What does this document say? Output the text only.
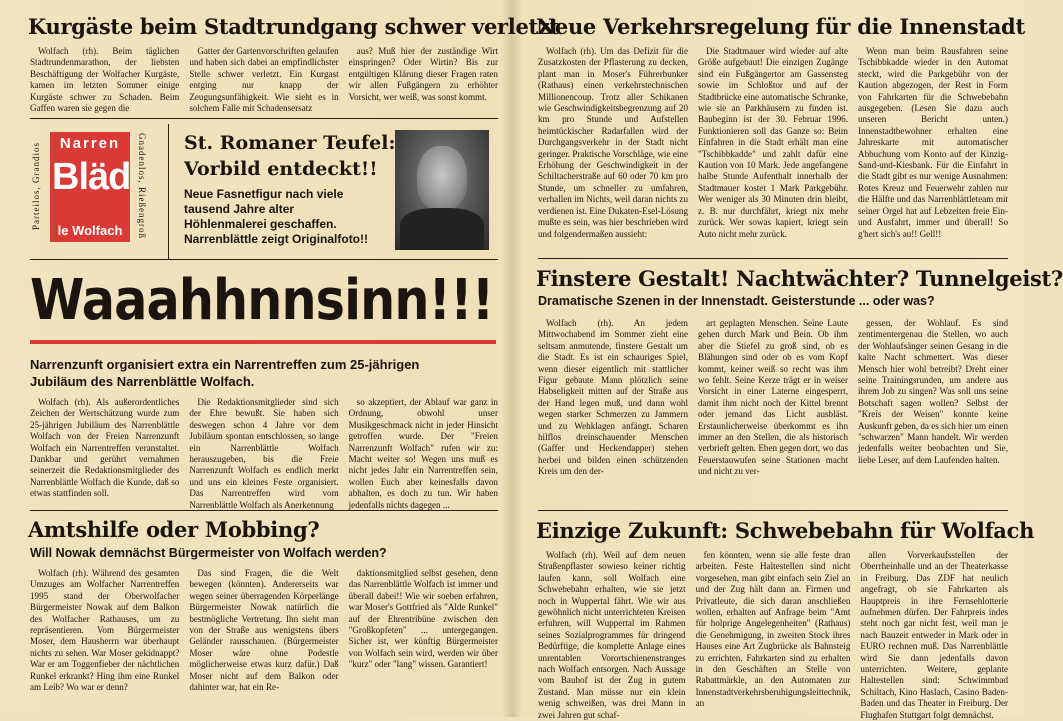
Kurgäste beim Stadtrundgang schwer verletzt

Wolfach (rh). Beim täglichen Stadtrundenmarathon, der liebsten Beschäftigung der Wolfacher Kurgäste, kamen im letzten Sommer einige Kurgäste schwer zu Schaden. Beim Gaffen waren sie gegen die

Gatter der Gartenvorschriften gelaufen und haben sich dabei an empfindlichster Stelle schwer verletzt. Ein Kurgast entging nur knapp der Zeugungsunfähigkeit. Wie sieht es in solchem Falle mit Schadensersatz

aus? Muß hier der zuständige Wirt einspringen? Oder Wirtin? Bis zur entgültigen Klärung dieser Fragen raten wir allen Fußgängern zu erhöhter Vorsicht, wer weiß, was sonst kommt.

Parteilos, Grandios	Narren
Bläd
le Wolfach	Gnadenlos, Rießengroß St. Romaner Teufel:
Vorbild entdeckt!!
Neue Fasnetfigur nach viele
tausend Jahre alter
Höhlenmalerei geschaffen.
Narrenblättle zeigt Originalfoto!!
Waaahhnnsinn!!!
Narrenzunft organisiert extra ein Narrentreffen zum 25-jährigen
Jubiläum des Narrenblättle Wolfach.

Wolfach (rh). Als außerordentliches Zeichen der Wertschätzung wurde zum 25-jährigen Jubiläum des Narrenblättle Wolfach von der Freien Narrenzunft Wolfach ein Narrentreffen veranstaltet. Dankbar und gerührt vernahmen seinerzeit die Redaktionsmitglieder des Narrenblättle Wolfach die Kunde, daß so etwas stattfinden soll.

Die Redaktionsmitglieder sind sich der Ehre bewußt. Sie haben sich deswegen schon 4 Jahre vor dem Jubiläum spontan entschlossen, so lange ein Narrenblättle Wolfach herauszugeben, bis die Freie Narrenzunft Wolfach es endlich merkt und uns ein kleines Feste organisiert. Das Narrentreffen wird vom Narrenblättle Wolfach als Anerkennung

so akzeptiert, der Ablauf war ganz in Ordnung, obwohl unser Musikgeschmack nicht in jeder Hinsicht getroffen wurde. Der "Freien Narrenzunft Wolfach" rufen wir zu: Macht weiter so! Wegen uns muß es nicht jedes Jahr ein Narrentreffen sein, wollen Euch aber keinesfalls davon abhalten, es doch zu tun. Wir haben jedenfalls nichts dagegen ...

Amtshilfe oder Mobbing?
Will Nowak demnächst Bürgermeister von Wolfach werden?

Wolfach (rh). Während des gesamten Umzuges am Wolfacher Narrentreffen 1995 stand der Oberwolfacher Bürgermeister Nowak auf dem Balkon des Wolfacher Rathauses, um zu repräsentieren. Vom Bürgermeister Moser, dem Hausherrn war überhaupt nichts zu sehen. War Moser gekidnappt? War er am Toggenfieber der nächtlichen Runkel erkrankt? Hing ihm eine Runkel am Leib? Wo war er denn?

Das sind Fragen, die die Welt bewegen (könnten). Andererseits war wegen seiner überragenden Körperlänge Bürgermeister Nowak natürlich die bestmögliche Vertretung. Ihn sieht man von der Straße aus wenigstens übers Geländer rausschauen. (Bürgermeister Moser wäre ohne Podestle möglicherweise etwas kurz dafür.) Daß Moser nicht auf dem Balkon oder dahinter war, hat ein Re-

daktionsmitglied selbst gesehen, denn das Narrenblättle Wolfach ist immer und überall dabei!! Wie wir soeben erfahren, war Moser's Gottfried als "Alde Runkel" auf der Ehrentribüne zwischen den "Großkopfeten" ... untergegangen. Sicher ist, wer künftig Bürgermeister von Wolfach sein wird, werden wir über "kurz" oder "lang" wissen. Garantiert!

Neue Verkehrsregelung für die Innenstadt

Wolfach (rh). Um das Defizit für die Zusatzkosten der Pflasterung zu decken, plant man in Moser's Führerbunker (Rathaus) einen verkehrstechnischen Millionencoup. Trotz aller Schikanen wie Geschwindigkeitsbegrenzung auf 20 km pro Stunde und Aufstellen heimtückischer Radarfallen wird der Durchgangsverkehr in der Stadt nicht geringer. Praktische Vorschläge, wie eine Erhöhung der Geschwindigkeit in der Schiltacherstraße auf 60 oder 70 km pro Stunde, um schneller zu umfahren, verhallen im Nichts, weil daran nichts zu verdienen ist. Eine Dukaten-Esel-Lösung mußte es sein, was hier beschrieben wird und folgendermaßen aussieht:

Die Stadtmauer wird wieder auf alte Größe aufgebaut! Die einzigen Zugänge sind ein Fußgängertor am Gassensteg sowie im Schloßtor und auf der Stadtbrücke eine automatische Schranke, wie sie an Parkhäusern zu finden ist. Baubeginn ist der 30. Februar 1996. Funktionieren soll das Ganze so: Beim Einfahren in die Stadt erhält man eine "Tschibbkadde" und zahlt dafür eine Kaution von 10 Mark. Jede angefangene halbe Stunde Aufenthalt innerhalb der Stadtmauer kostet 1 Mark Parkgebühr. Wer weniger als 30 Minuten drin bleibt, z. B. nur durchfährt, kriegt nix mehr zurück. Wer sowas kapiert, kriegt sein Auto nicht mehr zurück.

Wenn man beim Rausfahren seine Tschibbkadde wieder in den Automat steckt, wird die Parkgebühr von der Kaution abgezogen, der Rest in Form von Fahrkarten für die Schwebebahn ausgegeben. (Lesen Sie dazu auch unseren Bericht unten.) Innenstadtbewohner erhalten eine Jahreskarte mit automatischer Abbuchung vom Konto auf der Kinzig-Sand-und-Kiesbank. Für die Einfahrt in die Stadt gibt es nur wenige Ausnahmen: Rotes Kreuz und Feuerwehr zahlen nur die Hälfte und das Narrenblättleteam mit seiner Orgel hat auf Lebzeiten freie Ein- und Ausfahrt, immer und überall! So g'hert sich's au!! Gell!!

Finstere Gestalt! Nachtwächter? Tunnelgeist?
Dramatische Szenen in der Innenstadt. Geisterstunde ... oder was?

Wolfach (rh). An jedem Mittwochabend im Sommer zieht eine seltsam anmutende, finstere Gestalt um die Stadt. Es ist ein schauriges Spiel, wenn dieser eigentlich mit stattlicher Figur gebaute Mann plötzlich seine Habseligkeit mitten auf der Straße aus der Hand legen muß, und dann wohl wegen starker Schmerzen zu Jammern und zu Wehklagen anfängt. Scharen hilflos dreinschauender Menschen (Gaffer und Heckendapper) stehen herbei und bilden einen schützenden Kreis um den der-

art geplagten Menschen. Seine Laute gehen durch Mark und Bein. Ob ihm aber die Stiefel zu groß sind, ob es Blähungen sind oder ob es vom Kopf kommt, keiner weiß so recht was ihm wo fehlt. Seine Kerze trägt er in weiser Vorsicht in einer Laterne eingesperrt, damit ihm nicht noch der Kittel brennt oder jemand das Licht ausbläst. Erstaunlicherweise überkommt es ihn immer an den Stellen, die als historisch verbrieft gelten. Eben gegen dort, wo das Feuerstauwufen seine Stationen macht und nicht zu ver-

gessen, der Wohlauf. Es sind zentimentergenau die Stellen, wo auch der Wohlaufsänger seinen Gesang in die kalte Nacht schmettert. Was dieser Mensch hier wohl betreibt? Dreht einer seine Trainingsrunden, um andere aus ihrem Job zu singen? Was soll uns seine Botschaft sagen wollen? Selbst der "Kreis der Weisen" konnte keine Auskunft geben, da es sich hier um einen "schwarzen" Mann handelt. Wir werden jedenfalls weiter beobachten und Sie, liebe Leser, auf dem Laufenden halten.

Einzige Zukunft: Schwebebahn für Wolfach

Wolfach (rh). Weil auf dem neuen Straßenpflaster sowieso keiner richtig laufen kann, soll Wolfach eine Schwebebahn erhalten, wie sie jetzt noch in Wuppertal fährt. Wie wir aus gewöhnlich nicht unterrichteten Kreisen erfuhren, will Wuppertal im Rahmen seines Sozialprogrammes für dringend Bedürftige, die komplette Anlage eines unrentablen Vorortschienenstranges nach Wolfach entsorgen. Nach Aussage vom Bauhof ist der Zug in gutem Zustand. Man müsse nur ein klein wenig schweißen, was drei Mann in zwei Jahren gut schaf-

fen könnten, wenn sie alle feste dran arbeiten. Feste Haltestellen sind nicht vorgesehen, man gibt einfach sein Ziel an und der Zug hält dann an. Firmen und Privatleute, die sich daran anschließen wollen, erhalten auf Anfrage beim "Amt für holprige Angelegenheiten" (Rathaus) die Genehmigung, in zweiten Stock ihres Hauses eine Art Zugbrücke als Bahnsteig zu errichten. Fahrkarten sind zu erhalten in den Geschäften an Stelle von Rabattmärkle, an den Automaten zur Innenstadtverkehrsberuhigungsleittechnik, an

allen Vorverkaufsstellen der Oberrheinhalle und an der Theaterkasse in Freiburg. Das ZDF hat neulich angefragt, ob sie Fahrkarten als Hauptpreis in ihre Fernsehlotterie aufnehmen dürfen. Der Fahrpreis indes steht noch gar nicht fest, weil man je nach Bauzeit entweder in Mark oder in EURO rechnen muß. Das Narrenblättle wird Sie dann jedenfalls davon unterrichten. Weitere, geplante Haltestellen sind: Schwimmbad Schiltach, Kino Haslach, Casino Baden-Baden und das Theater in Freiburg. Der Flughafen Stuttgart folgt demnächst.
